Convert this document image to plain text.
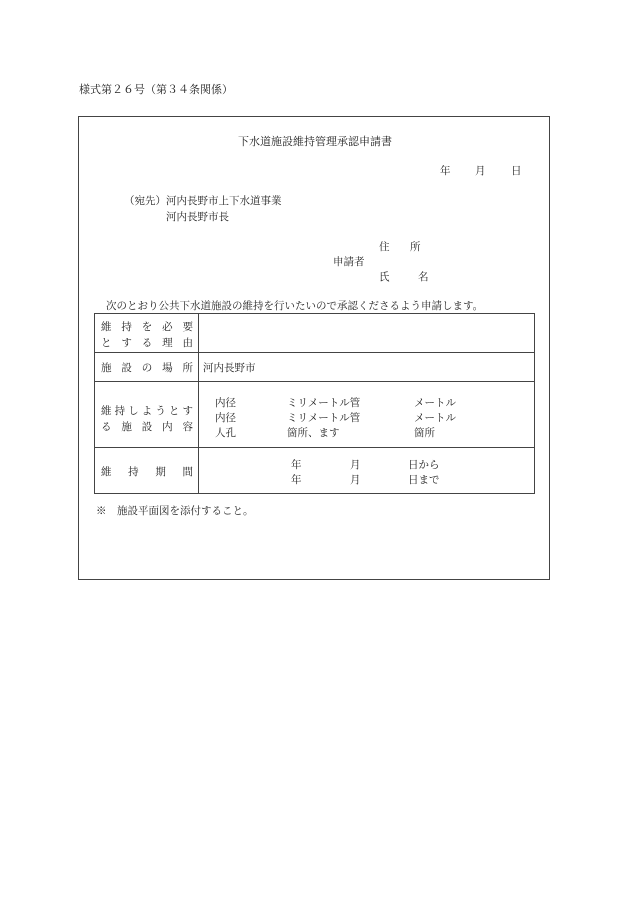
様式第２６号（第３４条関係）
下水道施設維持管理承認申請書
年 月 日
（宛先） 河内長野市上下水道事業
河内長野市長
住　所
申請者
氏　名
次のとおり公共下水道施設の維持を行いたいので承認くださるよう申請します。
維 持 を 必 要
と す る 理 由
施 設 の 場 所 河内長野市
維 持 し よ う と す
る 施 設 内 容
内径	ミリメートル管	メートル
内径	ミリメートル管	メートル
人孔	箇所、ます	箇所
維 持 期 間
年	月	日から
年	月	日まで
※　施設平面図を添付すること。
